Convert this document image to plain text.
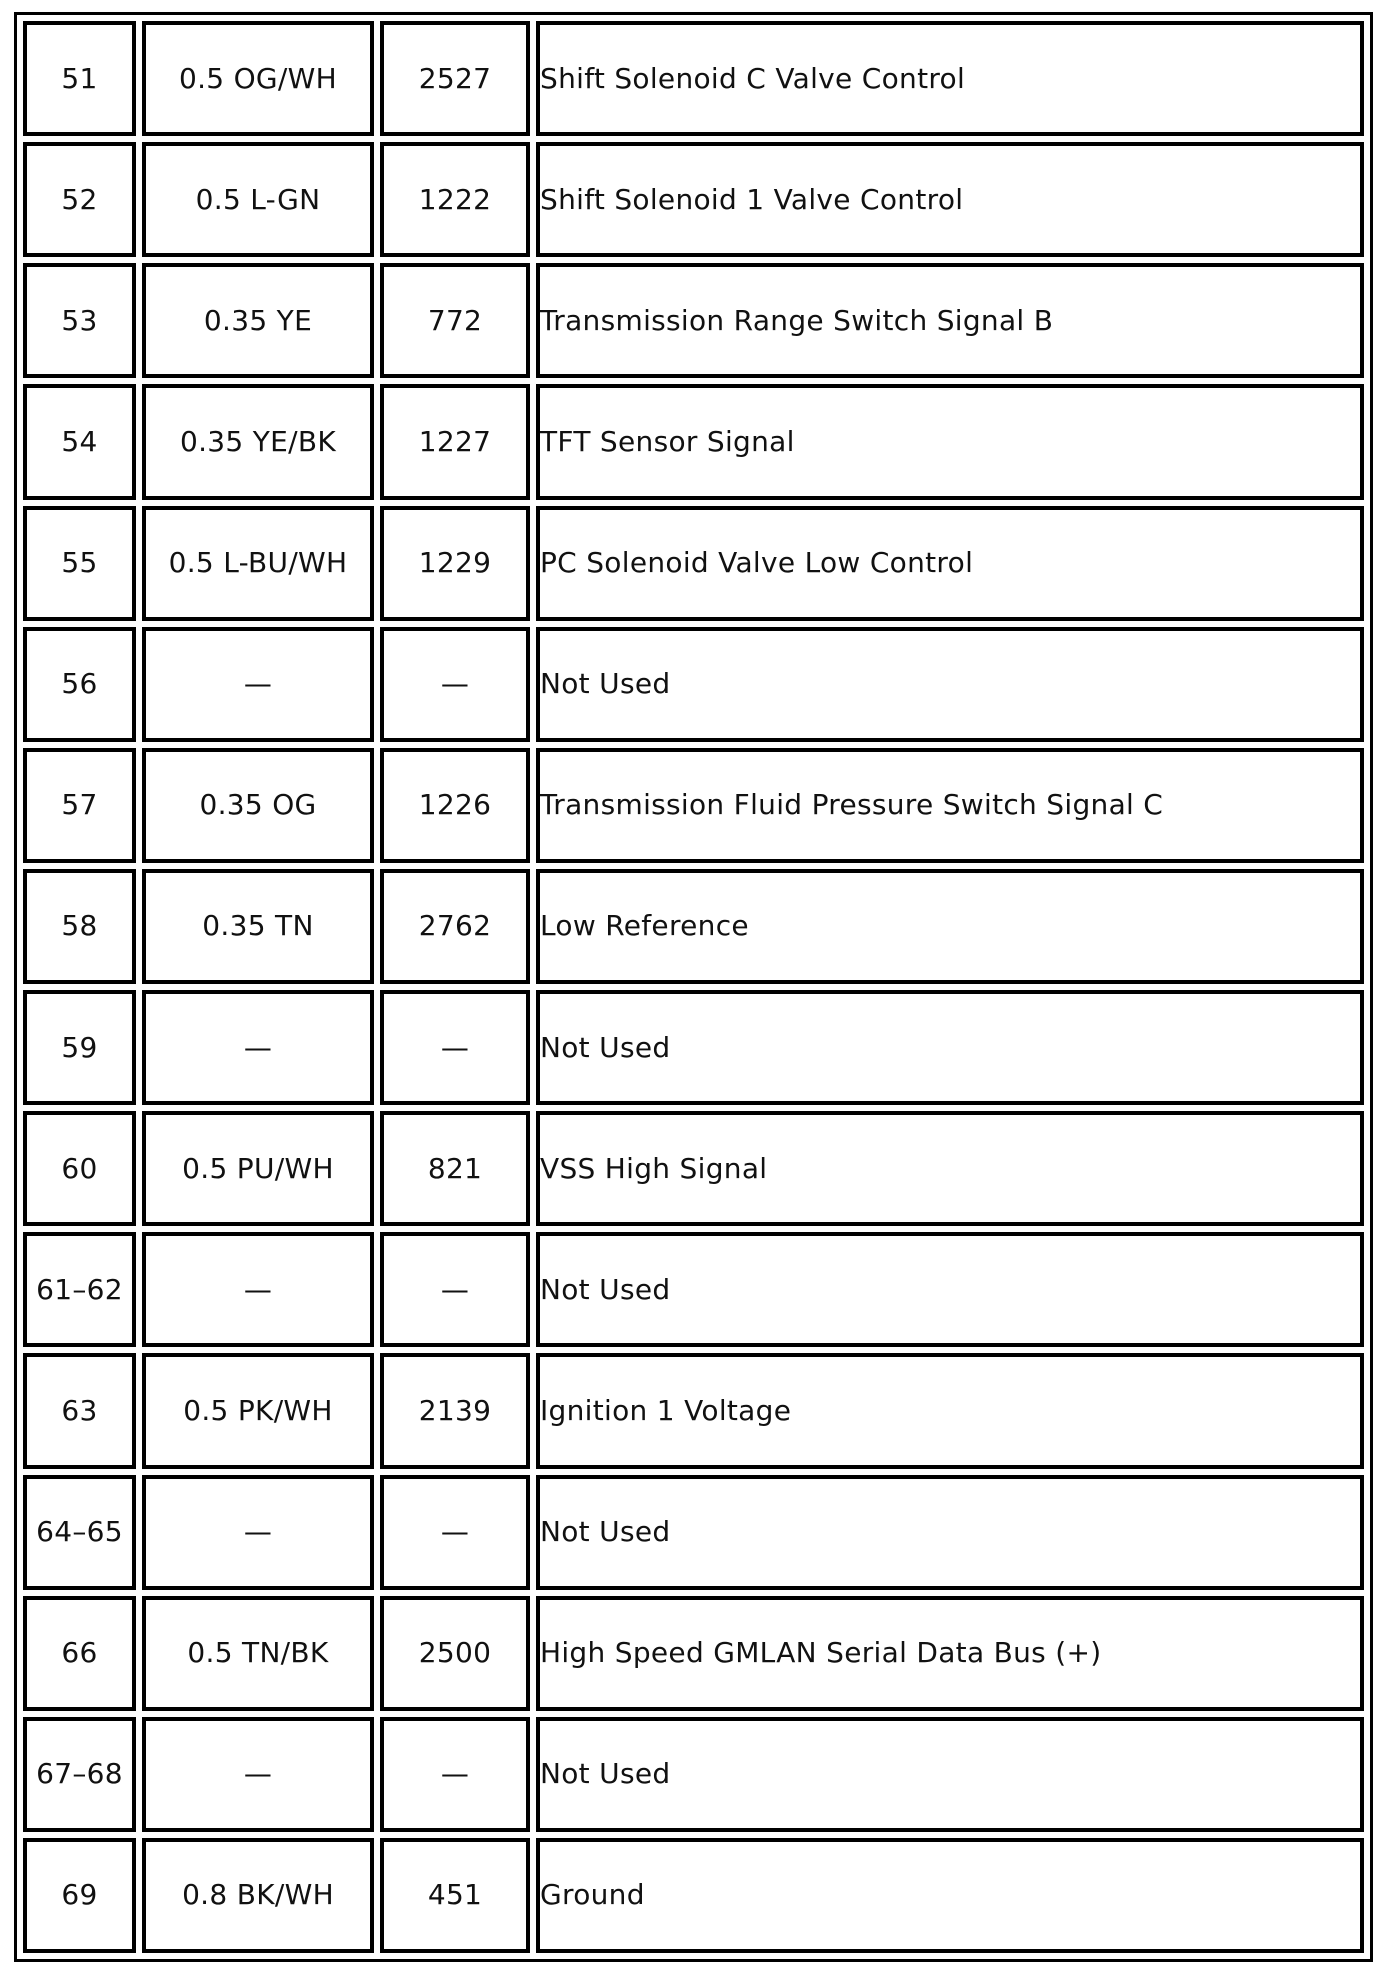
51	0.5 OG/WH	2527	Shift Solenoid C Valve Control
52	0.5 L-GN	1222	Shift Solenoid 1 Valve Control
53	0.35 YE	772	Transmission Range Switch Signal B
54	0.35 YE/BK	1227	TFT Sensor Signal
55	0.5 L-BU/WH	1229	PC Solenoid Valve Low Control
56	—	—	Not Used
57	0.35 OG	1226	Transmission Fluid Pressure Switch Signal C
58	0.35 TN	2762	Low Reference
59	—	—	Not Used
60	0.5 PU/WH	821	VSS High Signal
61–62	—	—	Not Used
63	0.5 PK/WH	2139	Ignition 1 Voltage
64–65	—	—	Not Used
66	0.5 TN/BK	2500	High Speed GMLAN Serial Data Bus (+)
67–68	—	—	Not Used
69	0.8 BK/WH	451	Ground
